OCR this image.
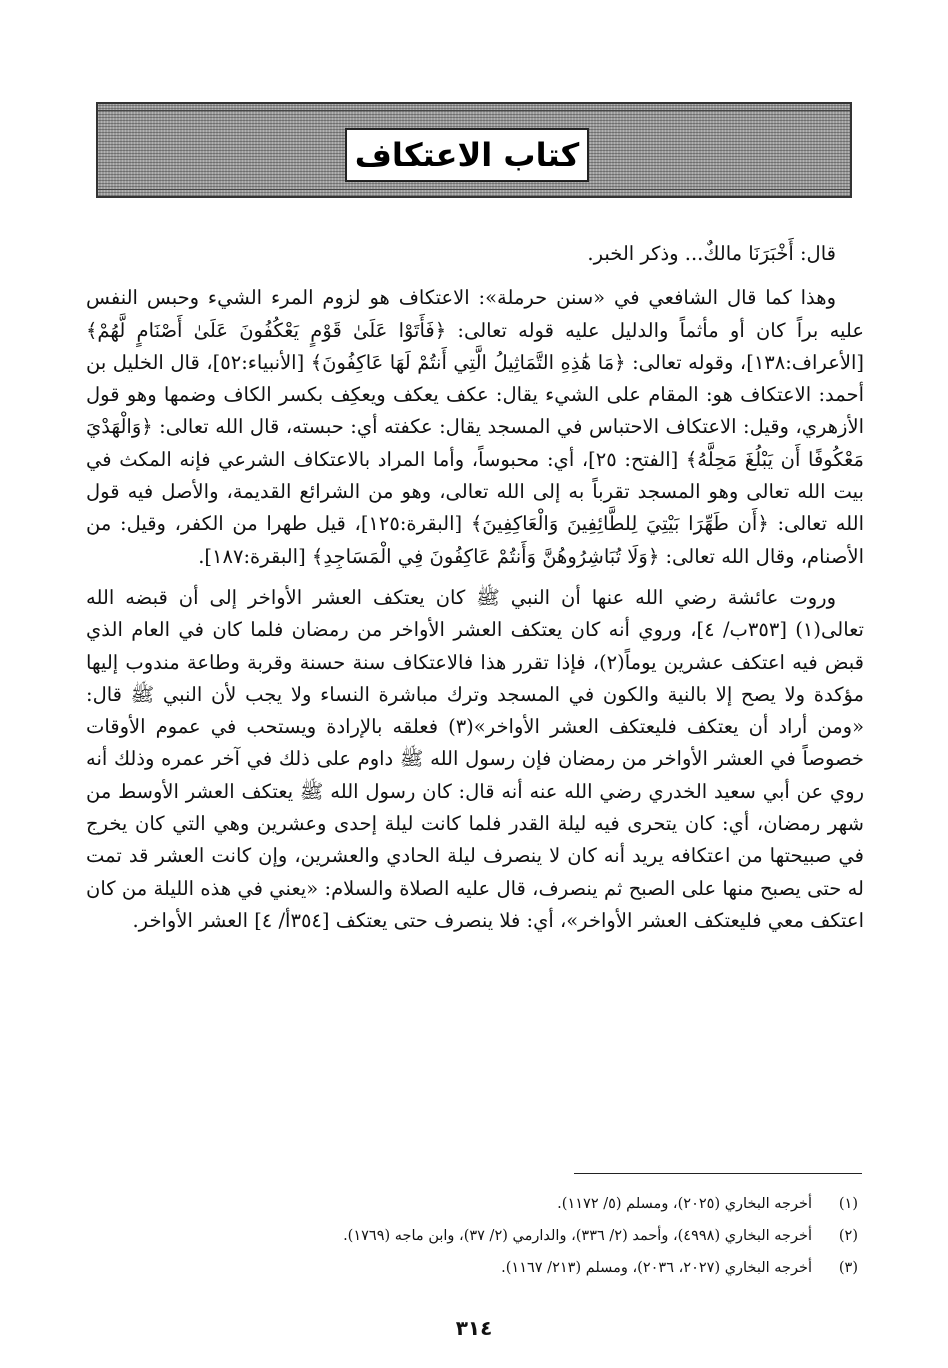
كتاب الاعتكاف

قال: أَخْبَرَنَا مالكٌ... وذكر الخبر.

وهذا كما قال الشافعي في «سنن حرملة»: الاعتكاف هو لزوم المرء الشيء وحبس النفس عليه براً كان أو مأثماً والدليل عليه قوله تعالى: ﴿فَأَتَوْا عَلَىٰ قَوْمٍ يَعْكُفُونَ عَلَىٰ أَصْنَامٍ لَّهُمْ﴾ [الأعراف:١٣٨]، وقوله تعالى: ﴿مَا هَٰذِهِ التَّمَاثِيلُ الَّتِي أَنتُمْ لَهَا عَاكِفُونَ﴾ [الأنبياء:٥٢]، قال الخليل بن أحمد: الاعتكاف هو: المقام على الشيء يقال: عكف يعكف ويعكِف بكسر الكاف وضمها وهو قول الأزهري، وقيل: الاعتكاف الاحتباس في المسجد يقال: عكفته أي: حبسته، قال الله تعالى: ﴿وَالْهَدْيَ مَعْكُوفًا أَن يَبْلُغَ مَحِلَّهُ﴾ [الفتح: ٢٥]، أي: محبوساً، وأما المراد بالاعتكاف الشرعي فإنه المكث في بيت الله تعالى وهو المسجد تقرباً به إلى الله تعالى، وهو من الشرائع القديمة، والأصل فيه قول الله تعالى: ﴿أَن طَهِّرَا بَيْتِيَ لِلطَّائِفِينَ وَالْعَاكِفِينَ﴾ [البقرة:١٢٥]، قيل طهرا من الكفر، وقيل: من الأصنام، وقال الله تعالى: ﴿وَلَا تُبَاشِرُوهُنَّ وَأَنتُمْ عَاكِفُونَ فِي الْمَسَاجِدِ﴾ [البقرة:١٨٧].

وروت عائشة رضي الله عنها أن النبي ﷺ كان يعتكف العشر الأواخر إلى أن قبضه الله تعالى(١) [٣٥٣ب/ ٤]، وروي أنه كان يعتكف العشر الأواخر من رمضان فلما كان في العام الذي قبض فيه اعتكف عشرين يوماً(٢)، فإذا تقرر هذا فالاعتكاف سنة حسنة وقربة وطاعة مندوب إليها مؤكدة ولا يصح إلا بالنية والكون في المسجد وترك مباشرة النساء ولا يجب لأن النبي ﷺ قال: «ومن أراد أن يعتكف فليعتكف العشر الأواخر»(٣) فعلقه بالإرادة ويستحب في عموم الأوقات خصوصاً في العشر الأواخر من رمضان فإن رسول الله ﷺ داوم على ذلك في آخر عمره وذلك أنه روي عن أبي سعيد الخدري رضي الله عنه أنه قال: كان رسول الله ﷺ يعتكف العشر الأوسط من شهر رمضان، أي: كان يتحرى فيه ليلة القدر فلما كانت ليلة إحدى وعشرين وهي التي كان يخرج في صبيحتها من اعتكافه يريد أنه كان لا ينصرف ليلة الحادي والعشرين، وإن كانت العشر قد تمت له حتى يصبح منها على الصبح ثم ينصرف، قال عليه الصلاة والسلام: «يعني في هذه الليلة من كان اعتكف معي فليعتكف العشر الأواخر»، أي: فلا ينصرف حتى يعتكف [٣٥٤أ/ ٤] العشر الأواخر.

(١)
أخرجه البخاري (٢٠٢٥)، ومسلم (٥/ ١١٧٢).
(٢)
أخرجه البخاري (٤٩٩٨)، وأحمد (٢/ ٣٣٦)، والدارمي (٢/ ٣٧)، وابن ماجه (١٧٦٩).
(٣)
أخرجه البخاري (٢٠٢٧، ٢٠٣٦)، ومسلم (٢١٣/ ١١٦٧).
٣١٤
